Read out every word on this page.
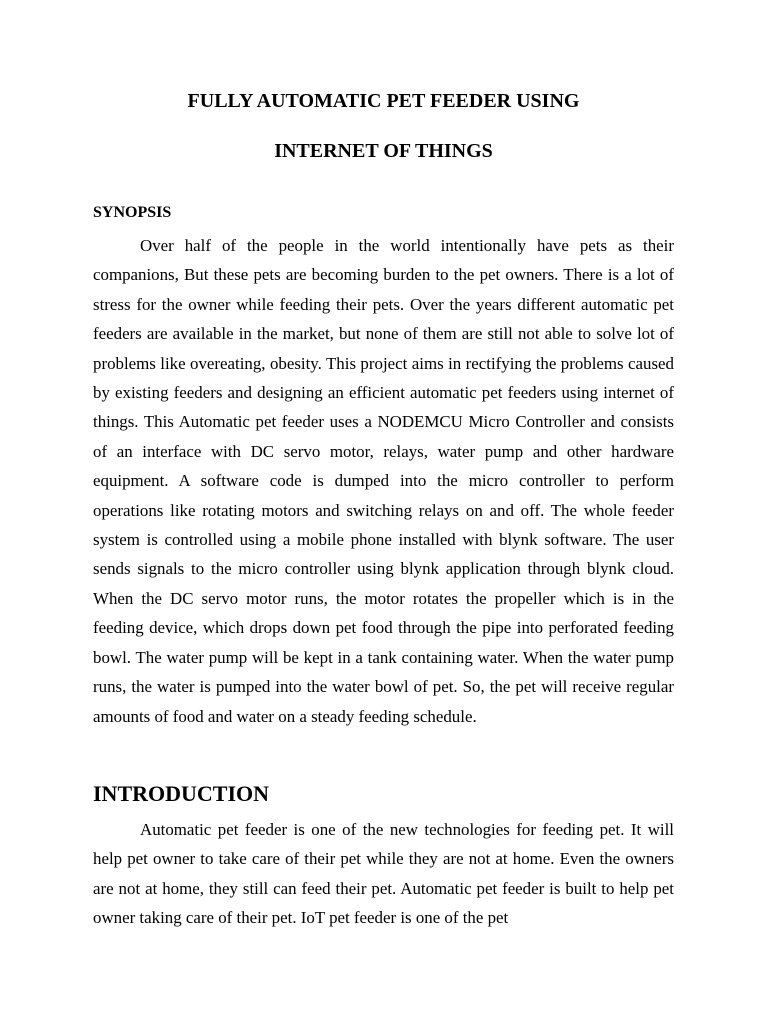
FULLY AUTOMATIC PET FEEDER USING
INTERNET OF THINGS
SYNOPSIS

Over half of the people in the world intentionally have pets as their companions, But these pets are becoming burden to the pet owners. There is a lot of stress for the owner while feeding their pets. Over the years different automatic pet feeders are available in the market, but none of them are still not able to solve lot of problems like overeating, obesity. This project aims in rectifying the problems caused by existing feeders and designing an efficient automatic pet feeders using internet of things. This Automatic pet feeder uses a NODEMCU Micro Controller and consists of an interface with DC servo motor, relays, water pump and other hardware equipment. A software code is dumped into the micro controller to perform operations like rotating motors and switching relays on and off. The whole feeder system is controlled using a mobile phone installed with blynk software. The user sends signals to the micro controller using blynk application through blynk cloud. When the DC servo motor runs, the motor rotates the propeller which is in the feeding device, which drops down pet food through the pipe into perforated feeding bowl. The water pump will be kept in a tank containing water. When the water pump runs, the water is pumped into the water bowl of pet. So, the pet will receive regular amounts of food and water on a steady feeding schedule.

INTRODUCTION

Automatic pet feeder is one of the new technologies for feeding pet. It will help pet owner to take care of their pet while they are not at home. Even the owners are not at home, they still can feed their pet. Automatic pet feeder is built to help pet owner taking care of their pet. IoT pet feeder is one of the pet
